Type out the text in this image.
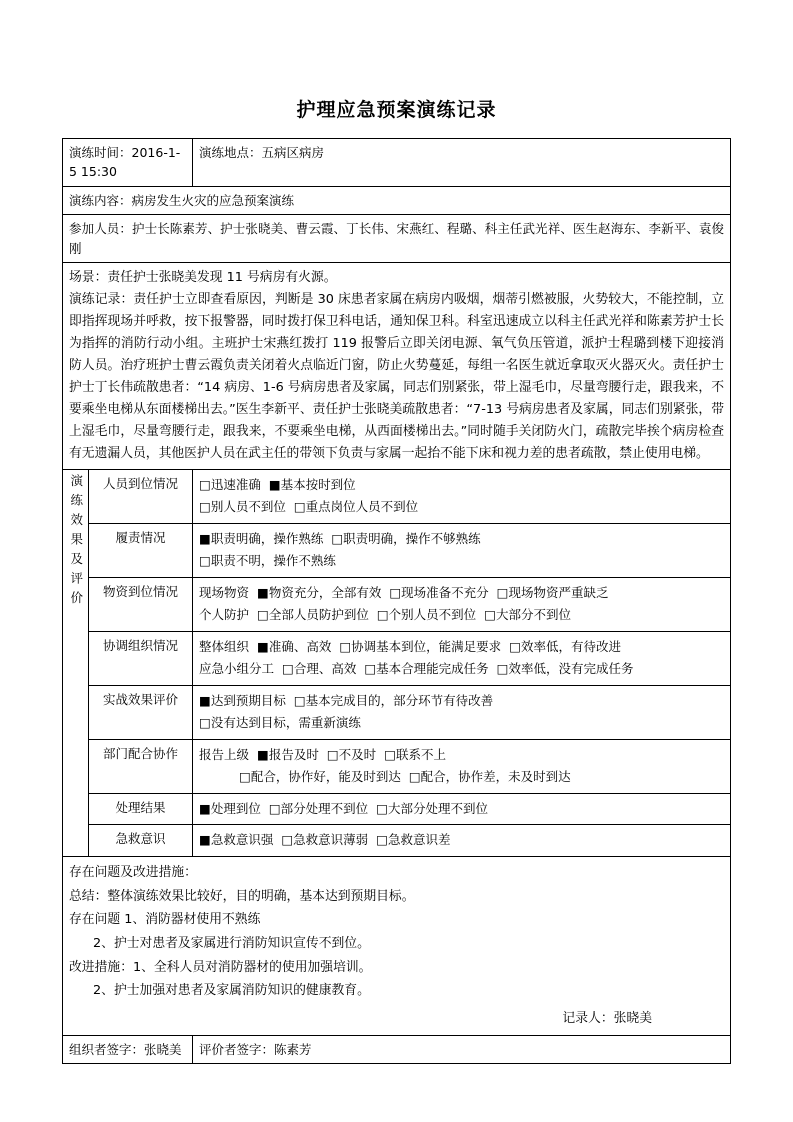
护理应急预案演练记录
演练时间：2016-1-5 15:30		演练地点：五病区病房
演练内容：病房发生火灾的应急预案演练		
参加人员：护士长陈素芳、护士张晓美、曹云霞、丁长伟、宋燕红、程璐、科主任武光祥、医生赵海东、李新平、袁俊刚		

场景：责任护士张晓美发现 11 号病房有火源。

演练记录：责任护士立即查看原因，判断是 30 床患者家属在病房内吸烟，烟蒂引燃被服，火势较大，不能控制，立即指挥现场并呼救，按下报警器，同时拨打保卫科电话，通知保卫科。科室迅速成立以科主任武光祥和陈素芳护士长为指挥的消防行动小组。主班护士宋燕红拨打 119 报警后立即关闭电源、氧气负压管道，派护士程璐到楼下迎接消防人员。治疗班护士曹云霞负责关闭着火点临近门窗，防止火势蔓延，每组一名医生就近拿取灭火器灭火。责任护士护士丁长伟疏散患者：“14 病房、1-6 号病房患者及家属，同志们别紧张，带上湿毛巾，尽量弯腰行走，跟我来，不要乘坐电梯从东面楼梯出去。”医生李新平、责任护士张晓美疏散患者：“7-13 号病房患者及家属，同志们别紧张，带上湿毛巾，尽量弯腰行走，跟我来，不要乘坐电梯，从西面楼梯出去。”同时随手关闭防火门，疏散完毕挨个病房检查有无遗漏人员，其他医护人员在武主任的带领下负责与家属一起抬不能下床和视力差的患者疏散，禁止使用电梯。		

演练效果及评价	人员到位情况	□迅速准确 ■基本按时到位
□别人员不到位 □重点岗位人员不到位

	履责情况	■职责明确，操作熟练 □职责明确，操作不够熟练
□职责不明，操作不熟练

	物资到位情况	现场物资 ■物资充分，全部有效 □现场准备不充分 □现场物资严重缺乏
个人防护 □全部人员防护到位 □个别人员不到位 □大部分不到位

	协调组织情况	整体组织 ■准确、高效 □协调基本到位，能满足要求 □效率低，有待改进
应急小组分工 □合理、高效 □基本合理能完成任务 □效率低，没有完成任务

	实战效果评价	■达到预期目标 □基本完成目的，部分环节有待改善
□没有达到目标，需重新演练

	部门配合协作	报告上级 ■报告及时 □不及时 □联系不上
□配合，协作好，能及时到达 □配合，协作差，未及时到达

	处理结果	■处理到位 □部分处理不到位 □大部分处理不到位

	急救意识	■急救意识强 □急救意识薄弱 □急救意识差

存在问题及改进措施：
总结：整体演练效果比较好，目的明确，基本达到预期目标。
存在问题 1、消防器材使用不熟练
2、护士对患者及家属进行消防知识宣传不到位。
改进措施：1、全科人员对消防器材的使用加强培训。
2、护士加强对患者及家属消防知识的健康教育。
记录人：张晓美

组织者签字：张晓美		评价者签字：陈素芳
